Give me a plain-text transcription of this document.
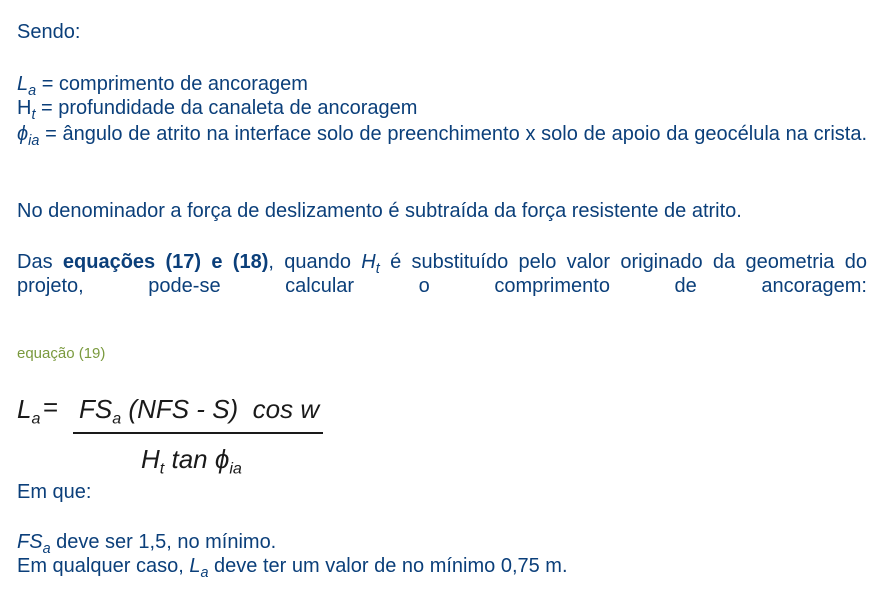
Sendo:

$L_a$ = comprimento de ancoragem

$H_t$ = profundidade da canaleta de ancoragem

$\phi_{ia}$ = ângulo de atrito na interface solo de preenchimento x solo de apoio da geocélula na crista.

No denominador a força de deslizamento é subtraída da força resistente de atrito.

Das equações (17) e (18), quando $H_t$ é substituído pelo valor originado da geometria do projeto, pode-se calcular o comprimento de ancoragem:

equação (19)
$L_a = FS_a$ (NFS - S)  cos w
$H_t$ $\tan \phi_{ia}$

Em que:

$FS_a$ deve ser 1,5, no mínimo.

Em qualquer caso, $L_a$ deve ter um valor de no mínimo 0,75 m.
